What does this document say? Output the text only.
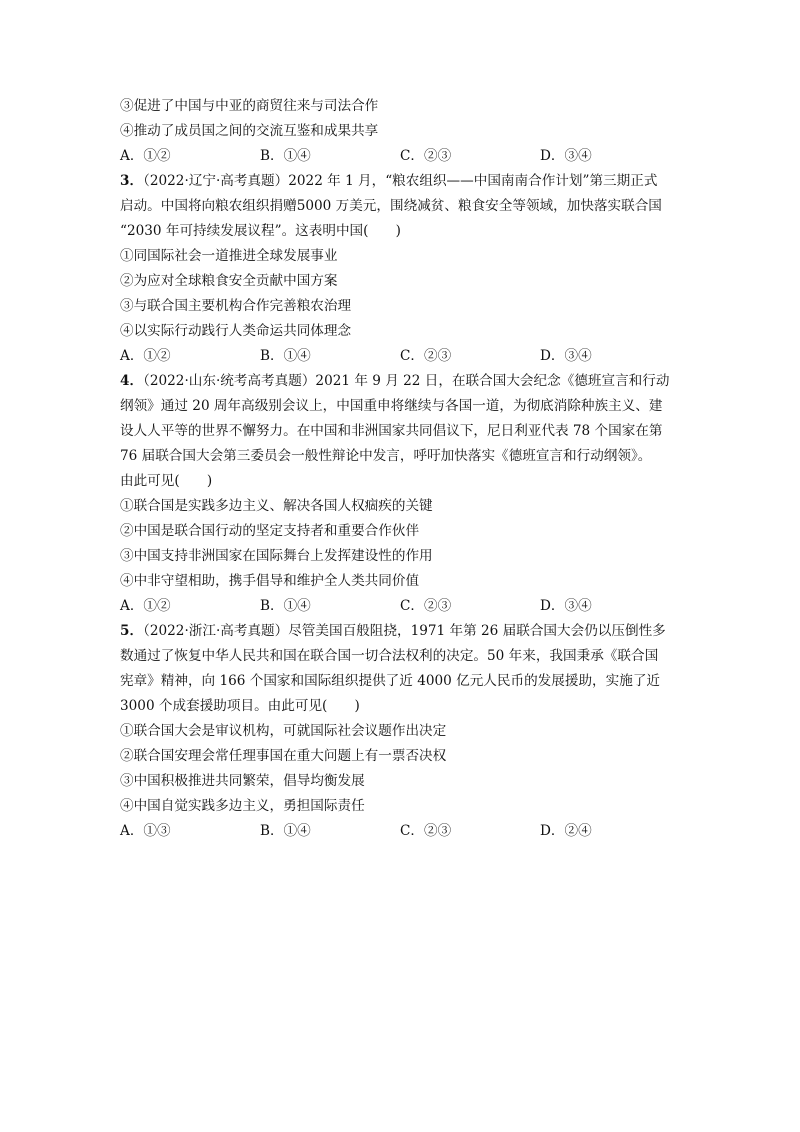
③促进了中国与中亚的商贸往来与司法合作
④推动了成员国之间的交流互鉴和成果共享
A．①②	B．①④	C．②③	D．③④
3．（2022·辽宁·高考真题）2022 年 1 月，“粮农组织——中国南南合作计划”第三期正式
启动。中国将向粮农组织捐赠5000 万美元，围绕减贫、粮食安全等领域，加快落实联合国
“2030 年可持续发展议程”。这表明中国(　　)
①同国际社会一道推进全球发展事业
②为应对全球粮食安全贡献中国方案
③与联合国主要机构合作完善粮农治理
④以实际行动践行人类命运共同体理念
A．①②	B．①④	C．②③	D．③④
4．（2022·山东·统考高考真题）2021 年 9 月 22 日，在联合国大会纪念《德班宣言和行动
纲领》通过 20 周年高级别会议上，中国重申将继续与各国一道，为彻底消除种族主义、建
设人人平等的世界不懈努力。在中国和非洲国家共同倡议下，尼日利亚代表 78 个国家在第
76 届联合国大会第三委员会一般性辩论中发言，呼吁加快落实《德班宣言和行动纲领》。
由此可见(　　)
①联合国是实践多边主义、解决各国人权痼疾的关键
②中国是联合国行动的坚定支持者和重要合作伙伴
③中国支持非洲国家在国际舞台上发挥建设性的作用
④中非守望相助，携手倡导和维护全人类共同价值
A．①②	B．①④	C．②③	D．③④
5．（2022·浙江·高考真题）尽管美国百般阻挠，1971 年第 26 届联合国大会仍以压倒性多
数通过了恢复中华人民共和国在联合国一切合法权利的决定。50 年来，我国秉承《联合国
宪章》精神，向 166 个国家和国际组织提供了近 4000 亿元人民币的发展援助，实施了近
3000 个成套援助项目。由此可见(　　)
①联合国大会是审议机构，可就国际社会议题作出决定
②联合国安理会常任理事国在重大问题上有一票否决权
③中国积极推进共同繁荣，倡导均衡发展
④中国自觉实践多边主义，勇担国际责任
A．①③	B．①④	C．②③	D．②④
